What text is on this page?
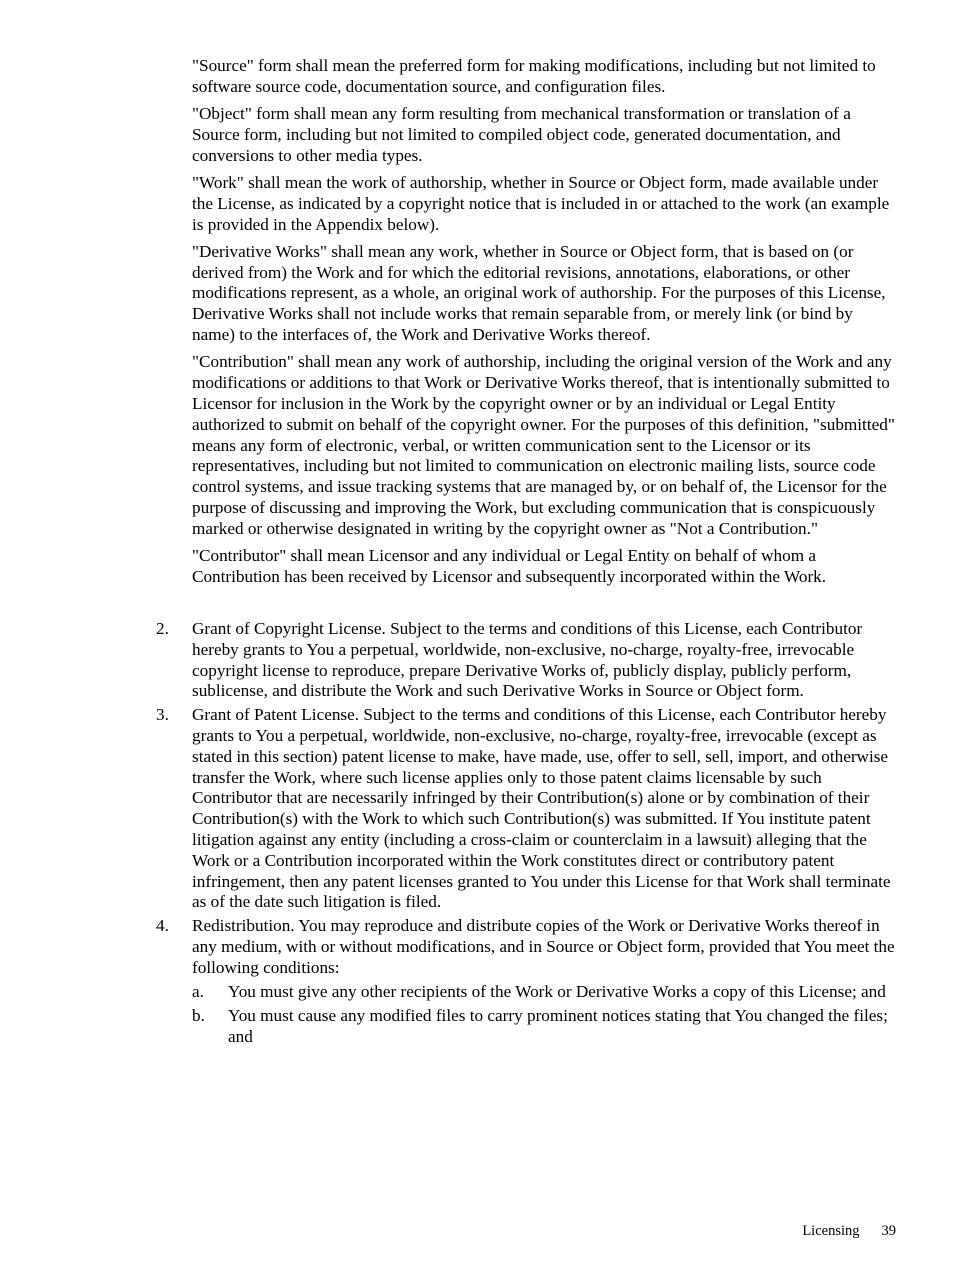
"Source" form shall mean the preferred form for making modifications, including but not limited to software source code, documentation source, and configuration files.

"Object" form shall mean any form resulting from mechanical transformation or translation of a Source form, including but not limited to compiled object code, generated documentation, and conversions to other media types.

"Work" shall mean the work of authorship, whether in Source or Object form, made available under the License, as indicated by a copyright notice that is included in or attached to the work (an example is provided in the Appendix below).

"Derivative Works" shall mean any work, whether in Source or Object form, that is based on (or derived from) the Work and for which the editorial revisions, annotations, elaborations, or other modifications represent, as a whole, an original work of authorship. For the purposes of this License, Derivative Works shall not include works that remain separable from, or merely link (or bind by name) to the interfaces of, the Work and Derivative Works thereof.

"Contribution" shall mean any work of authorship, including the original version of the Work and any modifications or additions to that Work or Derivative Works thereof, that is intentionally submitted to Licensor for inclusion in the Work by the copyright owner or by an individual or Legal Entity authorized to submit on behalf of the copyright owner. For the purposes of this definition, "submitted" means any form of electronic, verbal, or written communication sent to the Licensor or its representatives, including but not limited to communication on electronic mailing lists, source code control systems, and issue tracking systems that are managed by, or on behalf of, the Licensor for the purpose of discussing and improving the Work, but excluding communication that is conspicuously marked or otherwise designated in writing by the copyright owner as "Not a Contribution."

"Contributor" shall mean Licensor and any individual or Legal Entity on behalf of whom a Contribution has been received by Licensor and subsequently incorporated within the Work.

2. Grant of Copyright License. Subject to the terms and conditions of this License, each Contributor hereby grants to You a perpetual, worldwide, non-exclusive, no-charge, royalty-free, irrevocable copyright license to reproduce, prepare Derivative Works of, publicly display, publicly perform, sublicense, and distribute the Work and such Derivative Works in Source or Object form.
3. Grant of Patent License. Subject to the terms and conditions of this License, each Contributor hereby grants to You a perpetual, worldwide, non-exclusive, no-charge, royalty-free, irrevocable (except as stated in this section) patent license to make, have made, use, offer to sell, sell, import, and otherwise transfer the Work, where such license applies only to those patent claims licensable by such Contributor that are necessarily infringed by their Contribution(s) alone or by combination of their Contribution(s) with the Work to which such Contribution(s) was submitted. If You institute patent litigation against any entity (including a cross-claim or counterclaim in a lawsuit) alleging that the Work or a Contribution incorporated within the Work constitutes direct or contributory patent infringement, then any patent licenses granted to You under this License for that Work shall terminate as of the date such litigation is filed.
4. Redistribution. You may reproduce and distribute copies of the Work or Derivative Works thereof in any medium, with or without modifications, and in Source or Object form, provided that You meet the following conditions:
a. You must give any other recipients of the Work or Derivative Works a copy of this License; and
b. You must cause any modified files to carry prominent notices stating that You changed the files; and
Licensing 39
